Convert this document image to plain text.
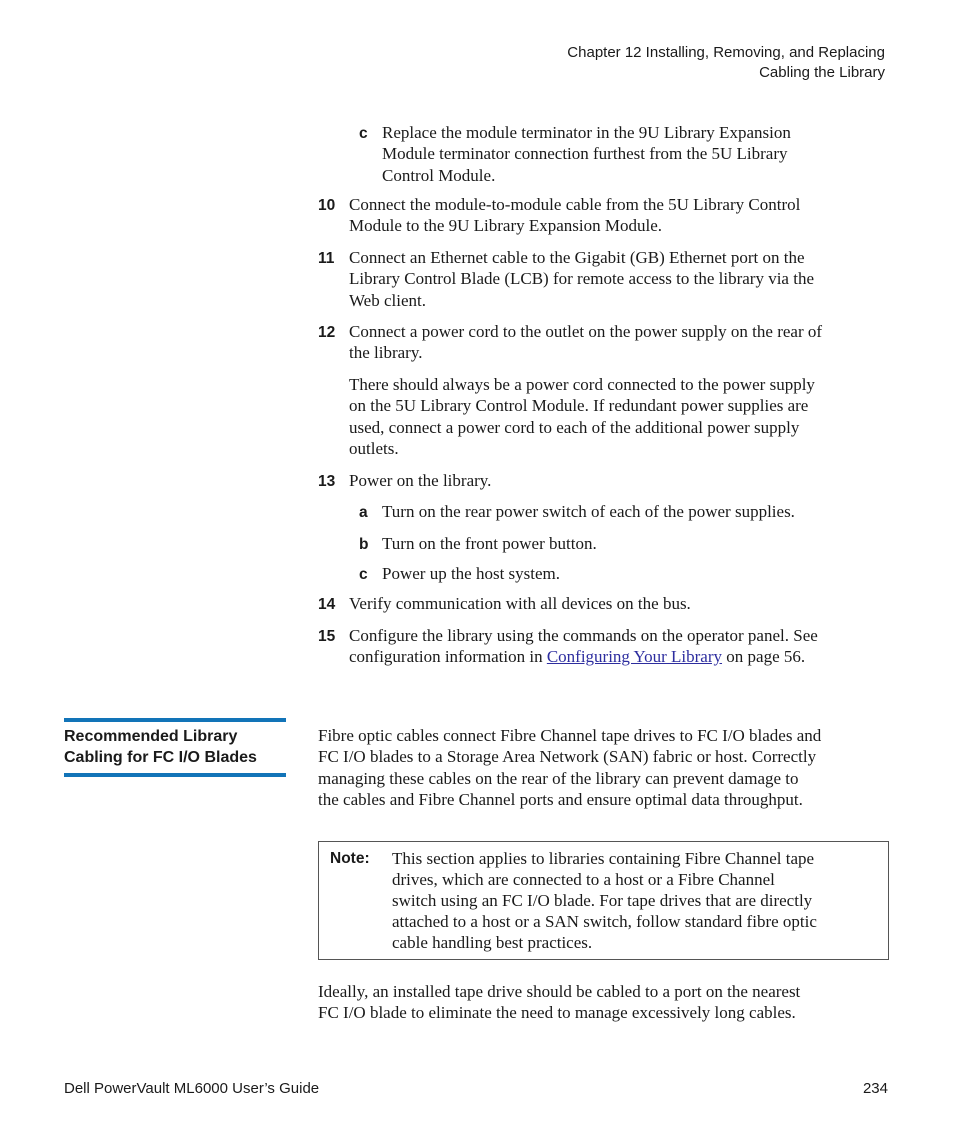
Chapter 12 Installing, Removing, and Replacing
Cabling the Library
c Replace the module terminator in the 9U Library Expansion
Module terminator connection furthest from the 5U Library
Control Module.
10 Connect the module-to-module cable from the 5U Library Control
Module to the 9U Library Expansion Module.
11 Connect an Ethernet cable to the Gigabit (GB) Ethernet port on the
Library Control Blade (LCB) for remote access to the library via the
Web client.
12 Connect a power cord to the outlet on the power supply on the rear of
the library.
There should always be a power cord connected to the power supply
on the 5U Library Control Module. If redundant power supplies are
used, connect a power cord to each of the additional power supply
outlets.
13 Power on the library.
a Turn on the rear power switch of each of the power supplies.
b Turn on the front power button.
c Power up the host system.
14 Verify communication with all devices on the bus.
15 Configure the library using the commands on the operator panel. See
configuration information in Configuring Your Library on page 56.
Recommended Library
Cabling for FC I/O Blades
Fibre optic cables connect Fibre Channel tape drives to FC I/O blades and
FC I/O blades to a Storage Area Network (SAN) fabric or host. Correctly
managing these cables on the rear of the library can prevent damage to
the cables and Fibre Channel ports and ensure optimal data throughput.
Note: This section applies to libraries containing Fibre Channel tape
drives, which are connected to a host or a Fibre Channel
switch using an FC I/O blade. For tape drives that are directly
attached to a host or a SAN switch, follow standard fibre optic
cable handling best practices.
Ideally, an installed tape drive should be cabled to a port on the nearest
FC I/O blade to eliminate the need to manage excessively long cables.
Dell PowerVault ML6000 User’s Guide	234
